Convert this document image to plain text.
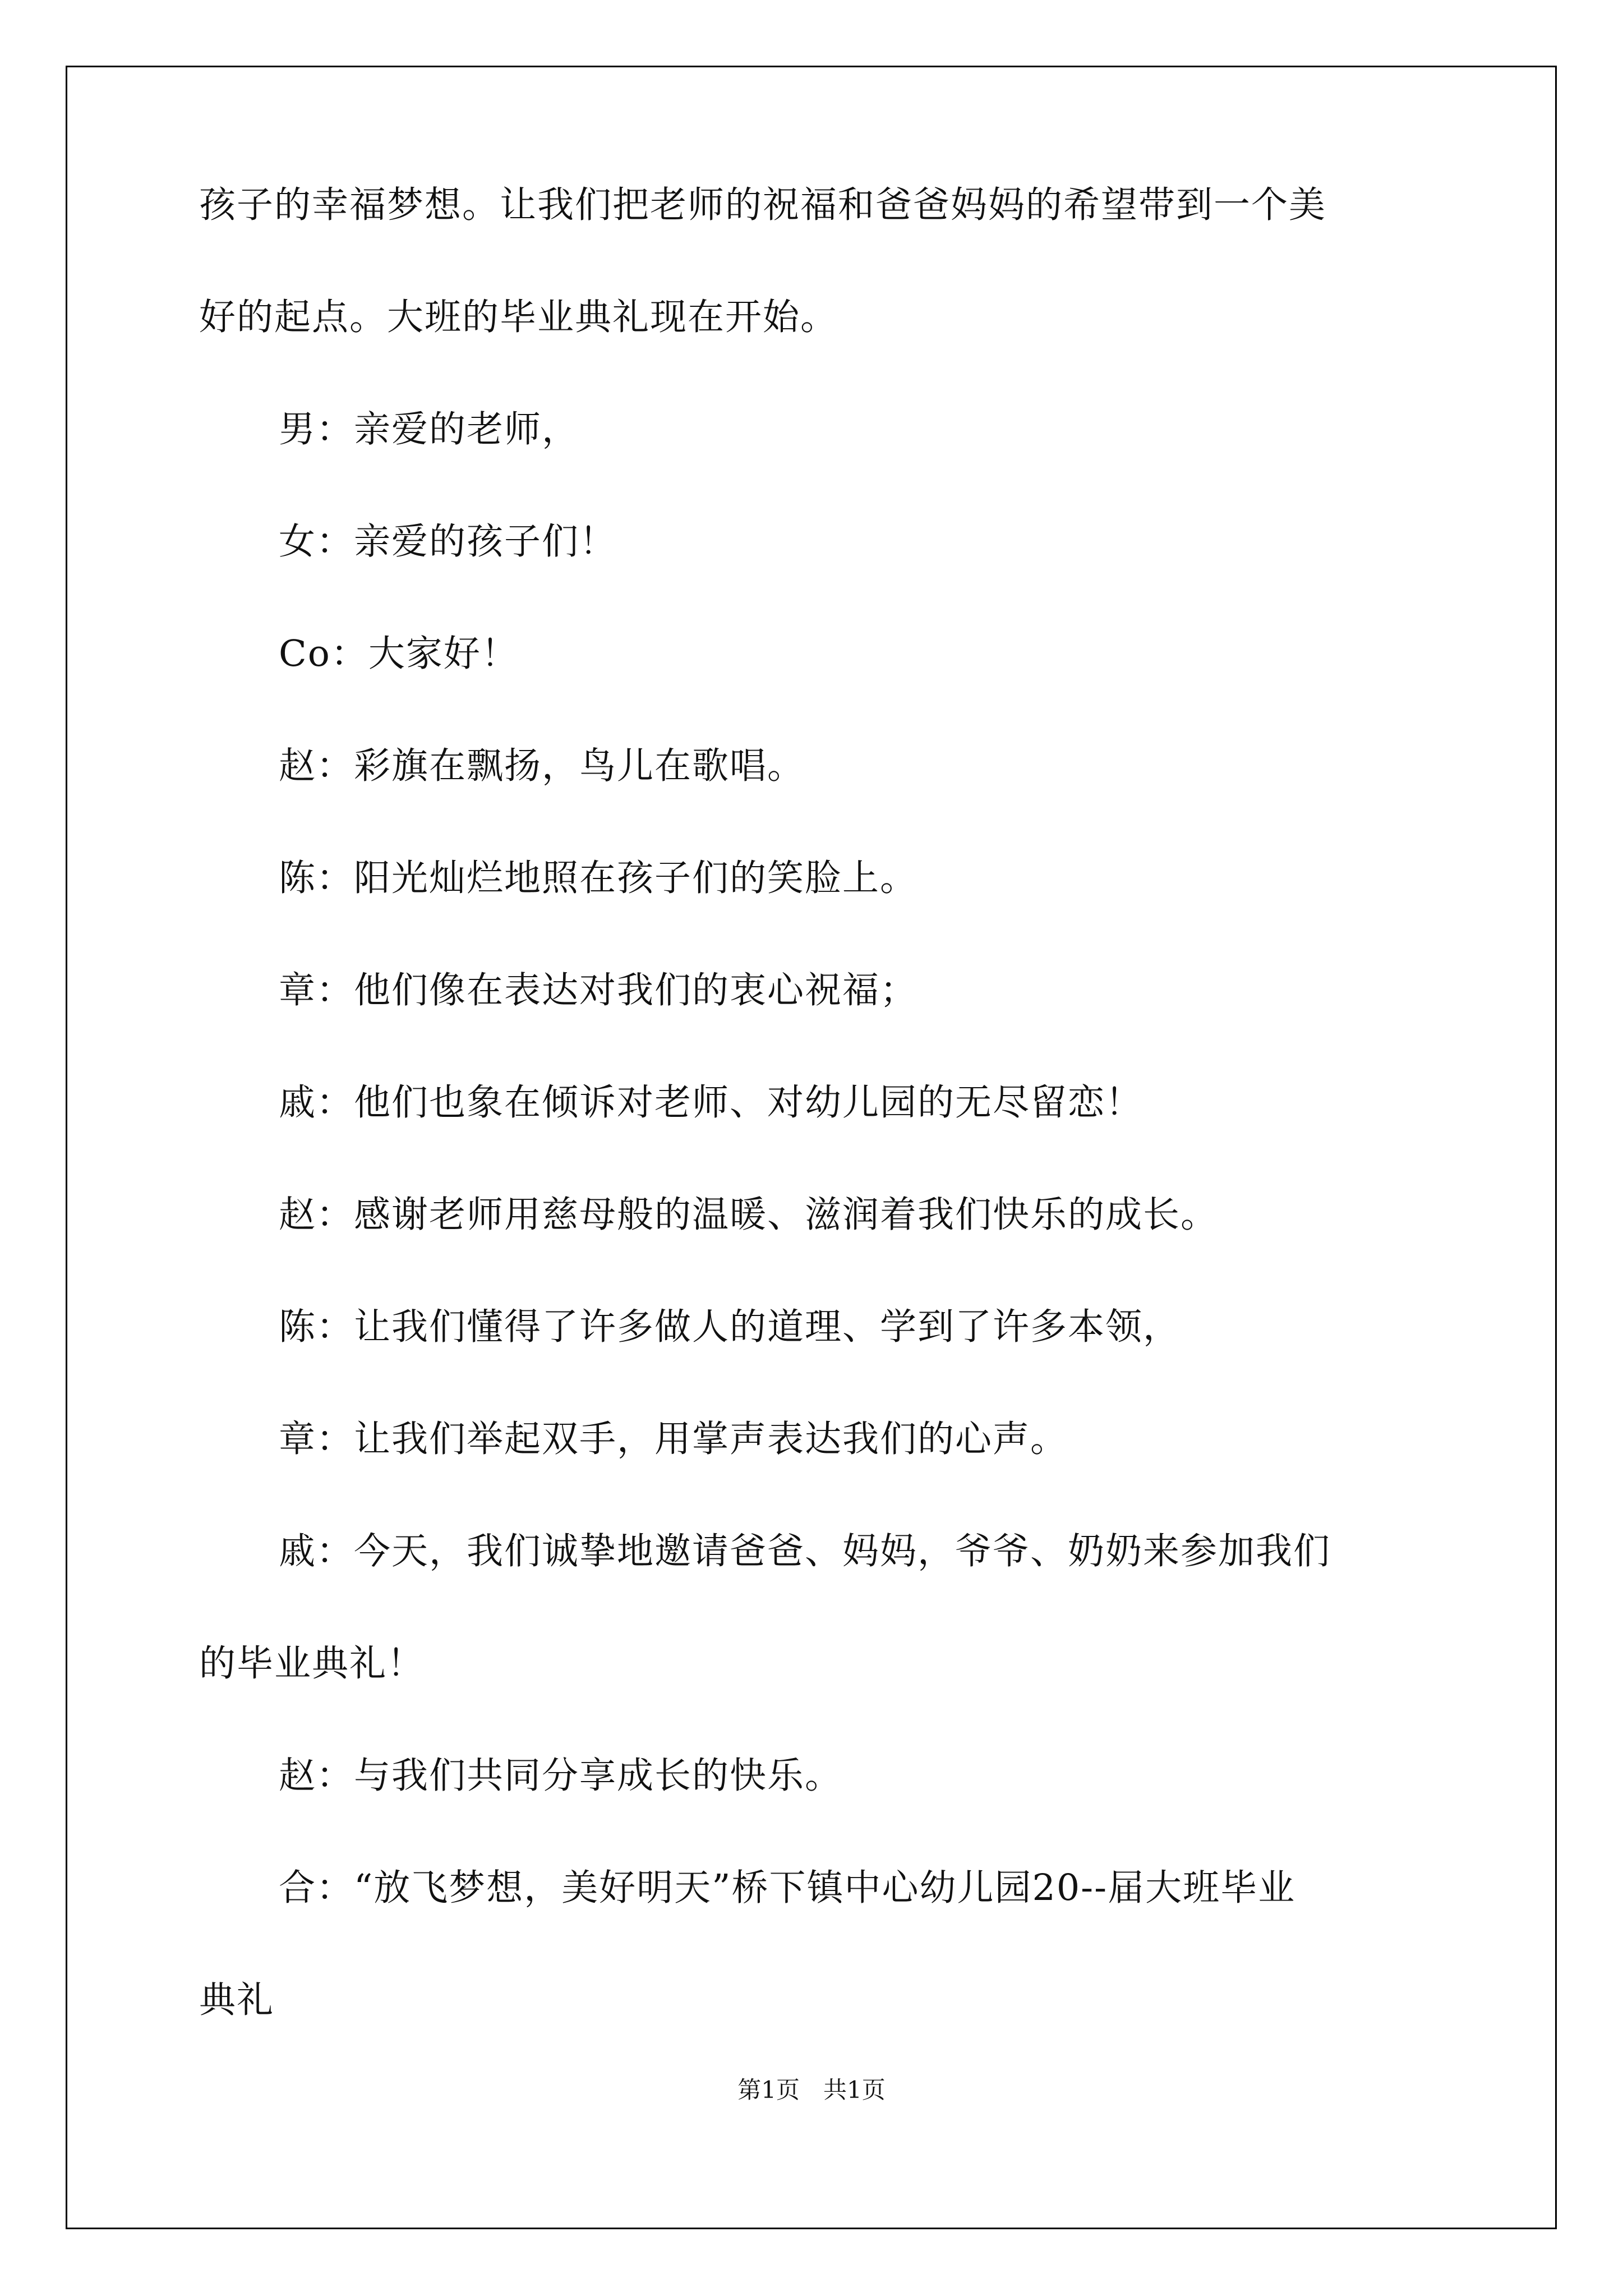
孩子的幸福梦想。让我们把老师的祝福和爸爸妈妈的希望带到一个美
好的起点。大班的毕业典礼现在开始。
男：亲爱的老师，
女：亲爱的孩子们！
Co：大家好！
赵：彩旗在飘扬，鸟儿在歌唱。
陈：阳光灿烂地照在孩子们的笑脸上。
章：他们像在表达对我们的衷心祝福；
戚：他们也象在倾诉对老师、对幼儿园的无尽留恋！
赵：感谢老师用慈母般的温暖、滋润着我们快乐的成长。
陈：让我们懂得了许多做人的道理、学到了许多本领，
章：让我们举起双手，用掌声表达我们的心声。
戚：今天，我们诚挚地邀请爸爸、妈妈，爷爷、奶奶来参加我们
的毕业典礼！
赵：与我们共同分享成长的快乐。
合：“放飞梦想，美好明天”桥下镇中心幼儿园20--届大班毕业
典礼
第1页　共1页
